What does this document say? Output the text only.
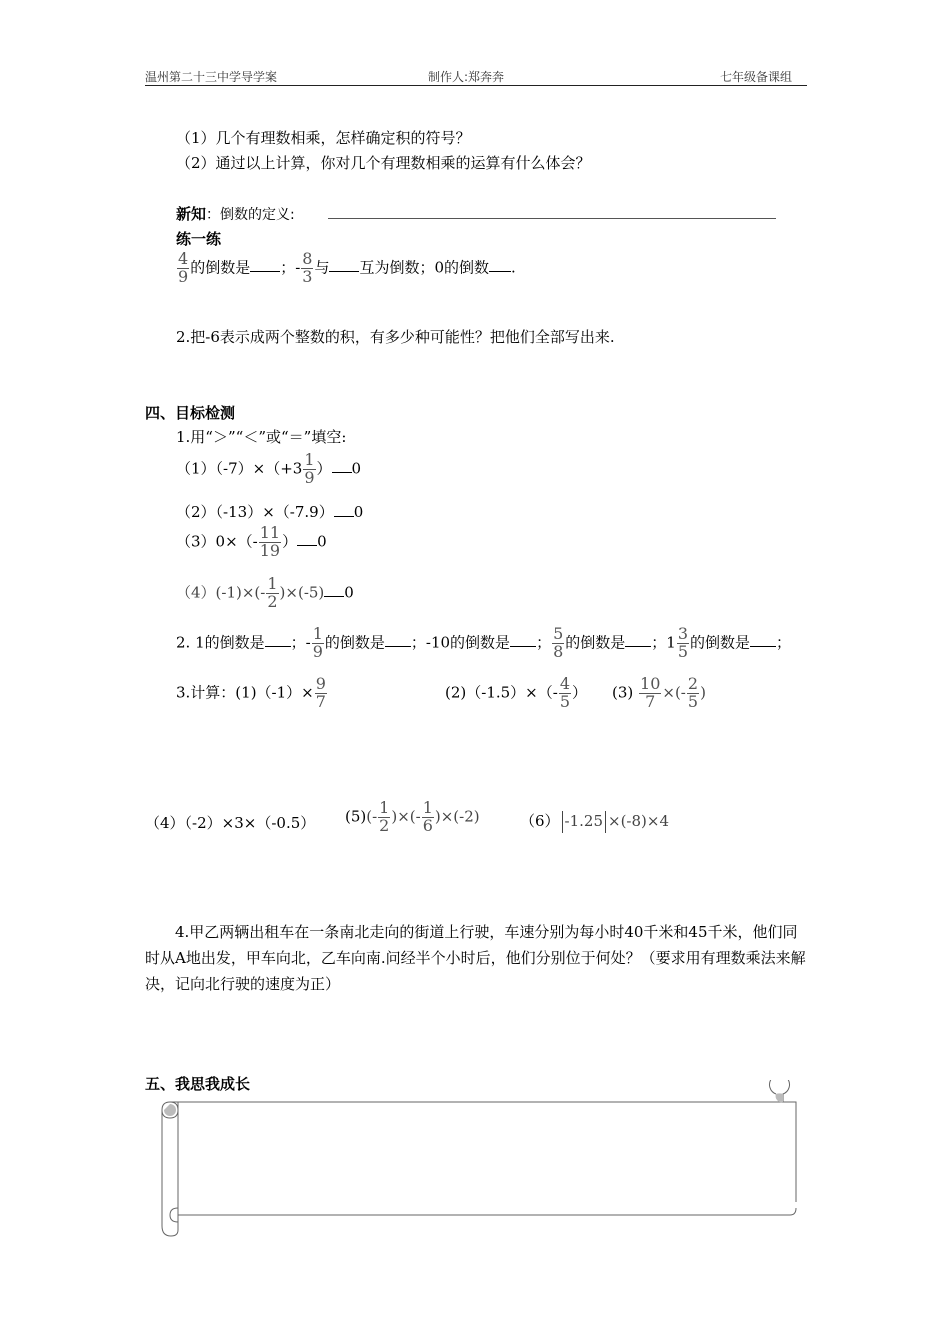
温州第二十三中学导学案	制作人:郑奔奔	七年级备课组
（1）几个有理数相乘，怎样确定积的符号？
（2）通过以上计算，你对几个有理数相乘的运算有什么体会？
新知：倒数的定义:
练一练
$\frac{4}{9}$ 的倒数是 ；- $\frac{8}{3}$ 与 互为倒数；0的倒数 .
2.把-6表示成两个整数的积，有多少种可能性？把他们全部写出来.
四、目标检测
1.用“＞”“＜”或“＝”填空:
$(1)(-7)\times(+3 \frac{1}{9}$ ） 0
（2）（-13）×（-7.9） 0
$(3)0\times(- \frac{11}{19}$ ） 0
$(4)(-1)\times(- \frac{1}{2} )\times(-5)$ 0
2. 1的倒数是 ；- $\frac{1}{9}$ 的倒数是 ；-10的倒数是 ； $\frac{5}{8}$ 的倒数是 ；$1 \frac{3}{5}$ 的倒数是 ；
3.计算：$(1)(-1)\times \frac{9}{7}$	$(2)(-1.5)\times(- \frac{4}{5}$ ） $(3) \frac{10}{7}$ ×(- $\frac{2}{5}$ )
（4）（-2）×3×（-0.5） $(5)(- \frac{1}{2}$ )×(- $\frac{1}{6} )\times(-2)$	（6） -1.25 ×(-8)×4

4.甲乙两辆出租车在一条南北走向的街道上行驶，车速分别为每小时40千米和45千米，他们同时从A地出发，甲车向北，乙车向南.问经半个小时后，他们分别位于何处？（要求用有理数乘法来解决，记向北行驶的速度为正）

五、我思我成长
